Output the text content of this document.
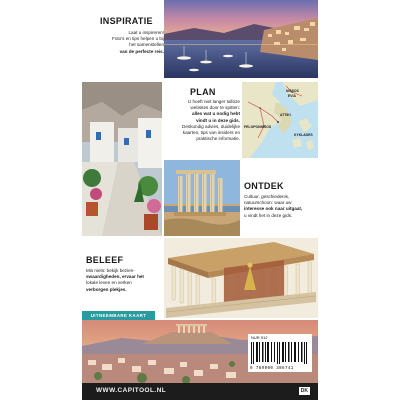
INSPIRATIE
Laat u inspireren!
Foto's en tips helpen u bij
het samenstellen
van de perfecte reis.
PLAN
U hoeft niet langer talloze
websites door te spitten:
alles wat u nodig hebt
vindt u in deze gids.
Deskundig advies, duidelijke
kaarten, tips van insiders en
praktische informatie.
NISSOS
EVIA
ATTIKI
PELOPONNISOS
KYKLADES
ONTDEK
Cultuur, geschiedenis,
natuurschoon: waar uw
interesse ook naar uitgaat,
u vindt het in deze gids.
BELEEF
Mis niets: bekijk bezien-
swaardigheden, ervaar het
lokale leven en verken
verborgen plekjes.
UITNEEMBARE KAART
NUR 512
9 789000 386741
WWW.CAPITOOL.NL	DK
